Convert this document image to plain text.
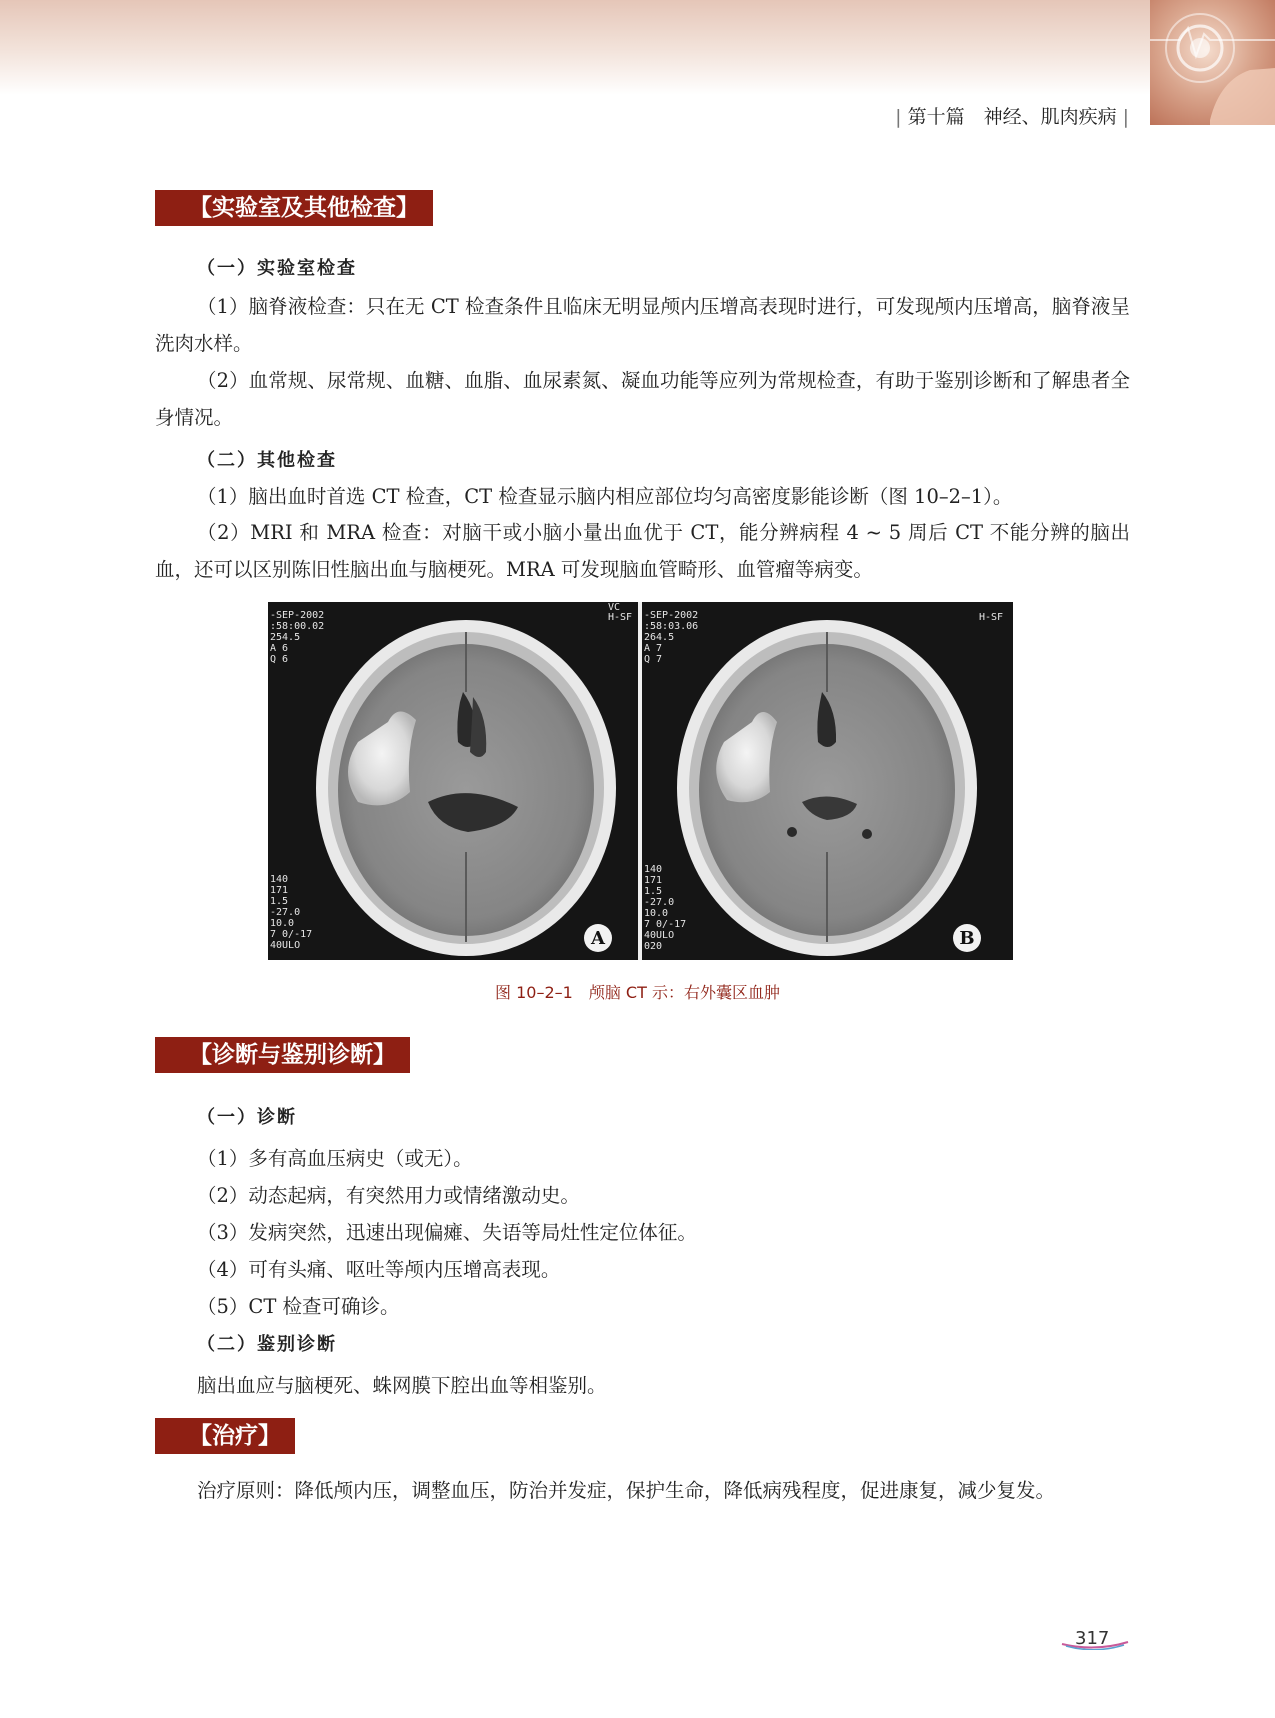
| 第十篇　神经、肌肉疾病 |
【实验室及其他检查】
（一）实验室检查

（1）脑脊液检查：只在无 CT 检查条件且临床无明显颅内压增高表现时进行，可发现颅内压增高，脑脊液呈洗肉水样。

（2）血常规、尿常规、血糖、血脂、血尿素氮、凝血功能等应列为常规检查，有助于鉴别诊断和了解患者全身情况。

（二）其他检查

（1）脑出血时首选 CT 检查，CT 检查显示脑内相应部位均匀高密度影能诊断（图 10–2–1）。

（2）MRI 和 MRA 检查：对脑干或小脑小量出血优于 CT，能分辨病程 4 ~ 5 周后 CT 不能分辨的脑出血，还可以区别陈旧性脑出血与脑梗死。MRA 可发现脑血管畸形、血管瘤等病变。

A
-SEP-2002
:58:00.02
254.5
A 6
Q 6
VC
H-SF
140
171
1.5
-27.0
10.0
7 0/-17
40ULO	B
-SEP-2002
:58:03.06
264.5
A 7
Q 7
H-SF
140
171
1.5
-27.0
10.0
7 0/-17
40ULO
020
图 10–2–1　颅脑 CT 示：右外囊区血肿
【诊断与鉴别诊断】
（一）诊断
（1）多有高血压病史（或无）。
（2）动态起病，有突然用力或情绪激动史。
（3）发病突然，迅速出现偏瘫、失语等局灶性定位体征。
（4）可有头痛、呕吐等颅内压增高表现。
（5）CT 检查可确诊。
（二）鉴别诊断
脑出血应与脑梗死、蛛网膜下腔出血等相鉴别。
【治疗】

治疗原则：降低颅内压，调整血压，防治并发症，保护生命，降低病残程度，促进康复，减少复发。

317
